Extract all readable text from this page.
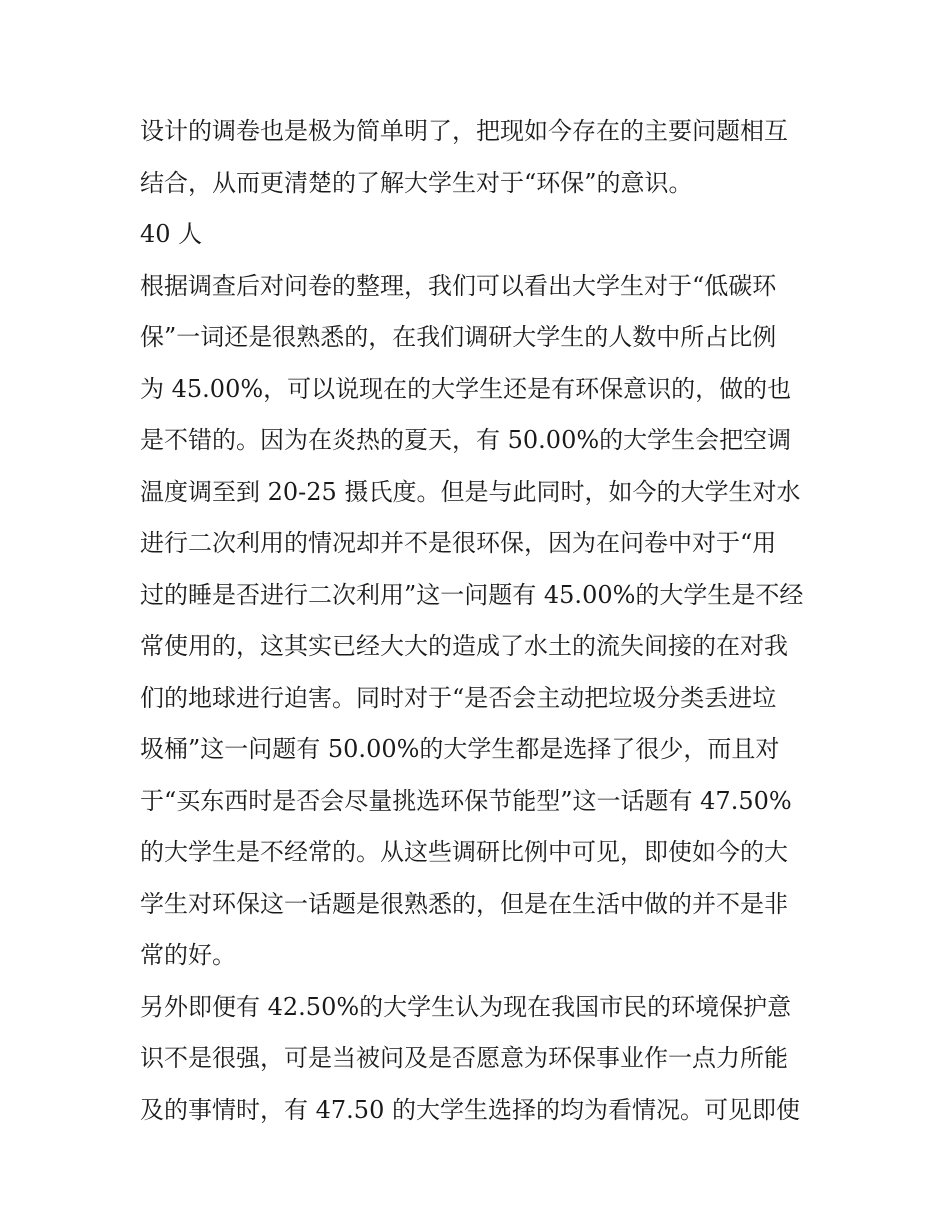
设计的调卷也是极为简单明了，把现如今存在的主要问题相互
结合，从而更清楚的了解大学生对于“环保”的意识。
40 人
根据调查后对问卷的整理，我们可以看出大学生对于“低碳环
保”一词还是很熟悉的，在我们调研大学生的人数中所占比例
为 45.00%，可以说现在的大学生还是有环保意识的，做的也
是不错的。因为在炎热的夏天，有 50.00%的大学生会把空调
温度调至到 20-25 摄氏度。但是与此同时，如今的大学生对水
进行二次利用的情况却并不是很环保，因为在问卷中对于“用
过的睡是否进行二次利用”这一问题有 45.00%的大学生是不经
常使用的，这其实已经大大的造成了水土的流失间接的在对我
们的地球进行迫害。同时对于“是否会主动把垃圾分类丢进垃
圾桶”这一问题有 50.00%的大学生都是选择了很少，而且对
于“买东西时是否会尽量挑选环保节能型”这一话题有 47.50%
的大学生是不经常的。从这些调研比例中可见，即使如今的大
学生对环保这一话题是很熟悉的，但是在生活中做的并不是非
常的好。
另外即便有 42.50%的大学生认为现在我国市民的环境保护意
识不是很强，可是当被问及是否愿意为环保事业作一点力所能
及的事情时，有 47.50 的大学生选择的均为看情况。可见即使
